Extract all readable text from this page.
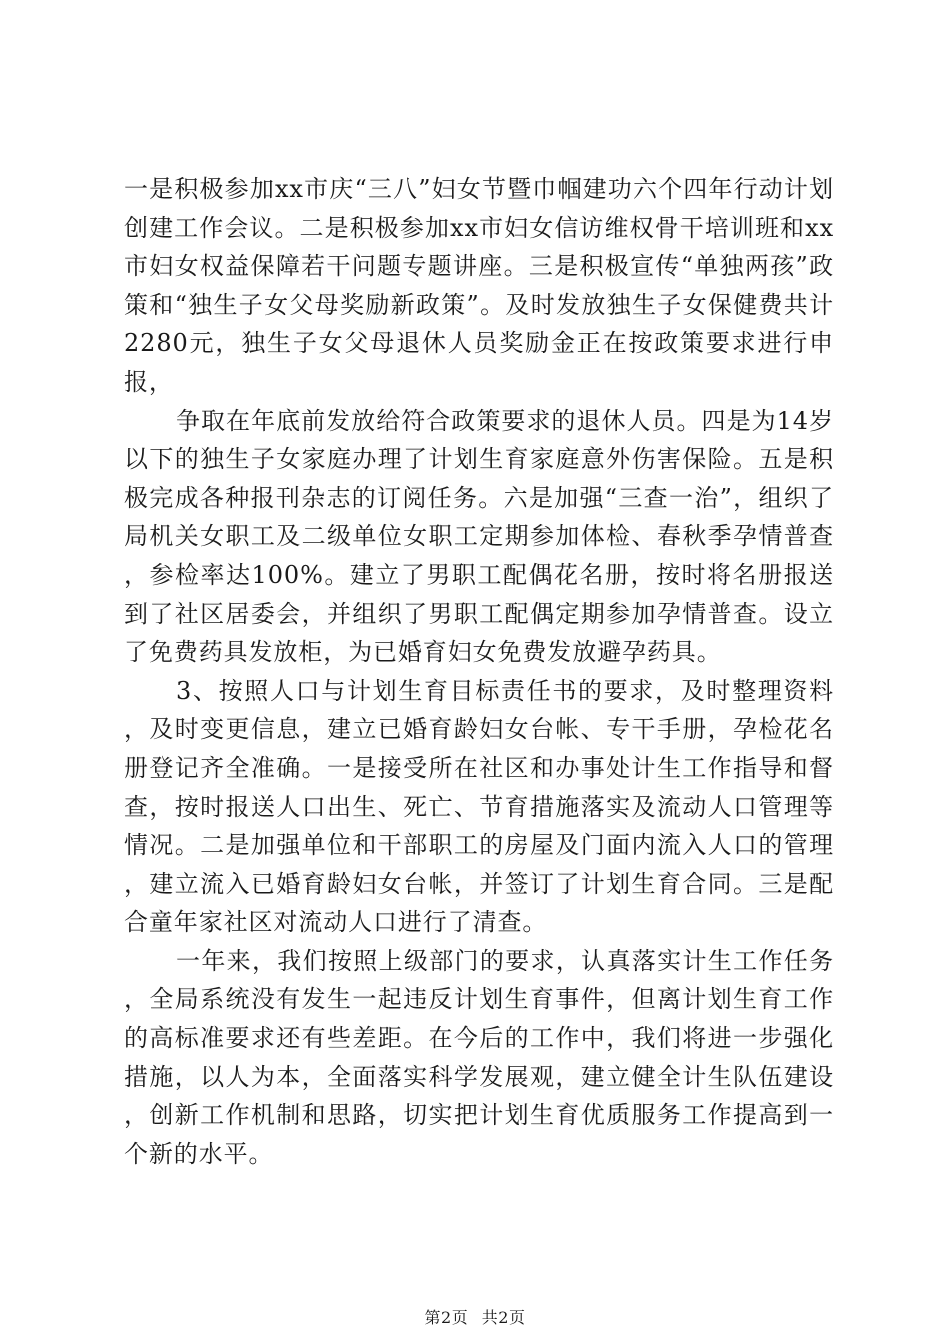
一是积极参加xx市庆“三八”妇女节暨巾帼建功六个四年行动计划创建工作会议。二是积极参加xx市妇女信访维权骨干培训班和xx市妇女权益保障若干问题专题讲座。三是积极宣传“单独两孩”政策和“独生子女父母奖励新政策”。及时发放独生子女保健费共计2280元，独生子女父母退休人员奖励金正在按政策要求进行申报，

争取在年底前发放给符合政策要求的退休人员。四是为14岁以下的独生子女家庭办理了计划生育家庭意外伤害保险。五是积极完成各种报刊杂志的订阅任务。六是加强“三查一治”，组织了局机关女职工及二级单位女职工定期参加体检、春秋季孕情普查，参检率达100%。建立了男职工配偶花名册，按时将名册报送到了社区居委会，并组织了男职工配偶定期参加孕情普查。设立了免费药具发放柜，为已婚育妇女免费发放避孕药具。

3、按照人口与计划生育目标责任书的要求，及时整理资料，及时变更信息，建立已婚育龄妇女台帐、专干手册，孕检花名册登记齐全准确。一是接受所在社区和办事处计生工作指导和督查，按时报送人口出生、死亡、节育措施落实及流动人口管理等情况。二是加强单位和干部职工的房屋及门面内流入人口的管理，建立流入已婚育龄妇女台帐，并签订了计划生育合同。三是配合童年家社区对流动人口进行了清查。

一年来，我们按照上级部门的要求，认真落实计生工作任务，全局系统没有发生一起违反计划生育事件，但离计划生育工作的高标准要求还有些差距。在今后的工作中，我们将进一步强化措施，以人为本，全面落实科学发展观，建立健全计生队伍建设，创新工作机制和思路，切实把计划生育优质服务工作提高到一个新的水平。

第2页 共2页
